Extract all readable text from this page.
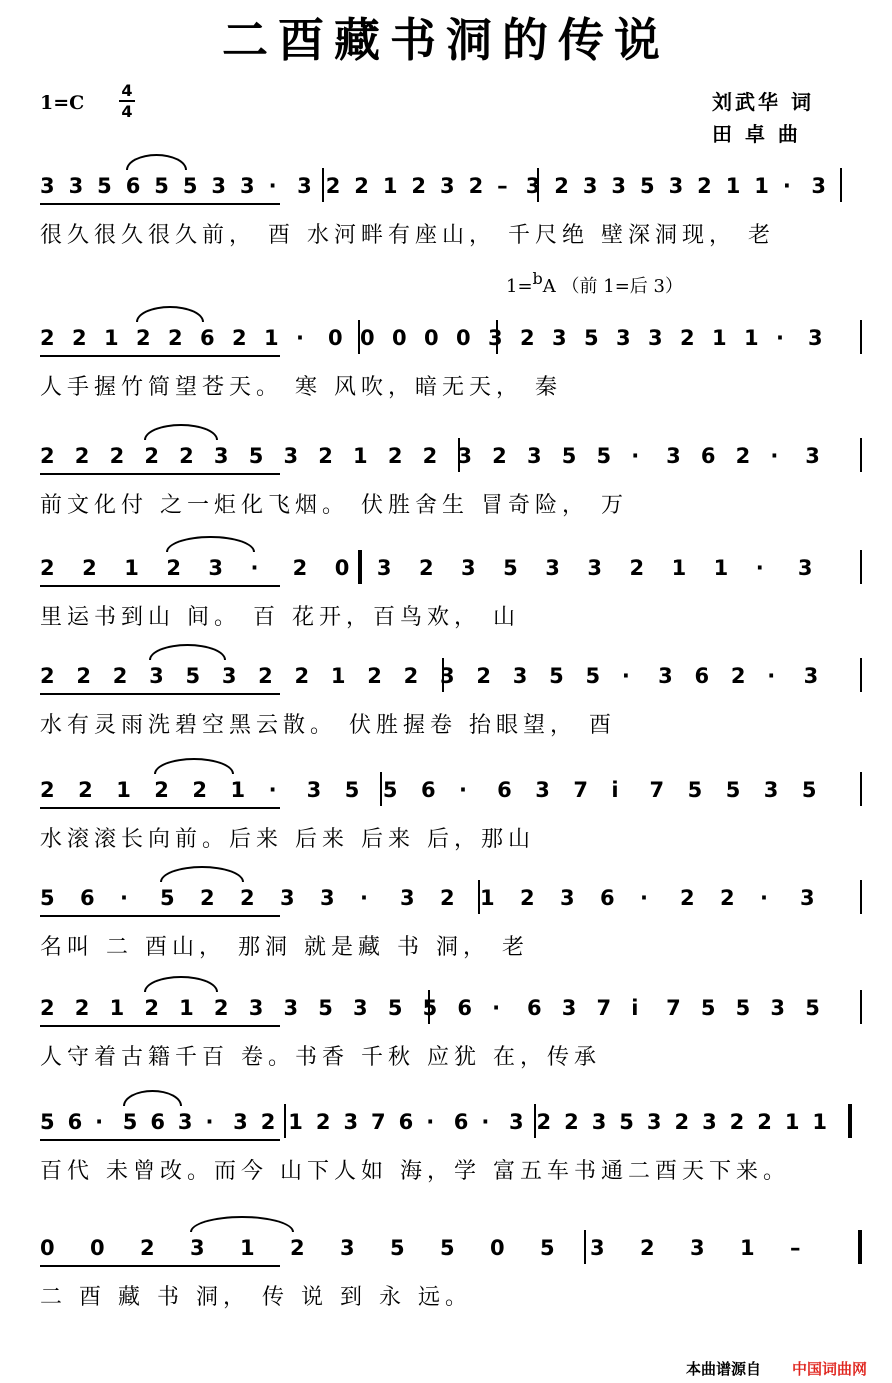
二酉藏书洞的传说
1=C
4
4	刘武华 词
田 卓 曲
1=bA （前 1=后 3）
3 3 5 6 5 5 3 3 · 3 2 2 1 2 3 2 – 3 2 3 3 5 3 2 1 1 · 3
很久很久很久前， 酉 水河畔有座山， 千尺绝 壁深洞现， 老
2 2 1 2 2 6 2 1 · 0 0 0 0 0 3 2 3 5 3 3 2 1 1 · 3
人手握竹简望苍天。 寒 风吹，暗无天， 秦
2 2 2 2 2 3 5 3 2 1 2 2 3 2 3 5 5 · 3 6 2 · 3
前文化付 之一炬化飞烟。 伏胜舍生 冒奇险， 万
2 2 1 2 3 · 2 0 3 2 3 5 3 3 2 1 1 · 3
里运书到山 间。 百 花开，百鸟欢， 山
2 2 2 3 5 3 2 2 1 2 2 3 2 3 5 5 · 3 6 2 · 3
水有灵雨洗碧空黑云散。 伏胜握卷 抬眼望， 酉
2 2 1 2 2 1 · 3 5 5 6 · 6 3 7 i 7 5 5 3 5
水滚滚长向前。后来 后来 后来 后，那山
5 6 · 5 2 2 3 3 · 3 2 1 2 3 6 · 2 2 · 3
名叫 二 酉山， 那洞 就是藏 书 洞， 老
2 2 1 2 1 2 3 3 5 3 5 5 6 · 6 3 7 i 7 5 5 3 5
人守着古籍千百 卷。书香 千秋 应犹 在，传承
5 6 · 5 6 3 · 3 2 1 2 3 7 6 · 6 · 3 2 2 3 5 3 2 3 2 2 1 1
百代 未曾改。而今 山下人如 海，学 富五车书通二酉天下来。
0 0 2 3 1 2 3 5 5 0 5 3 2 3 1 –
二 酉 藏 书 洞， 传 说 到 永 远。
本曲谱源自 中国词曲网
